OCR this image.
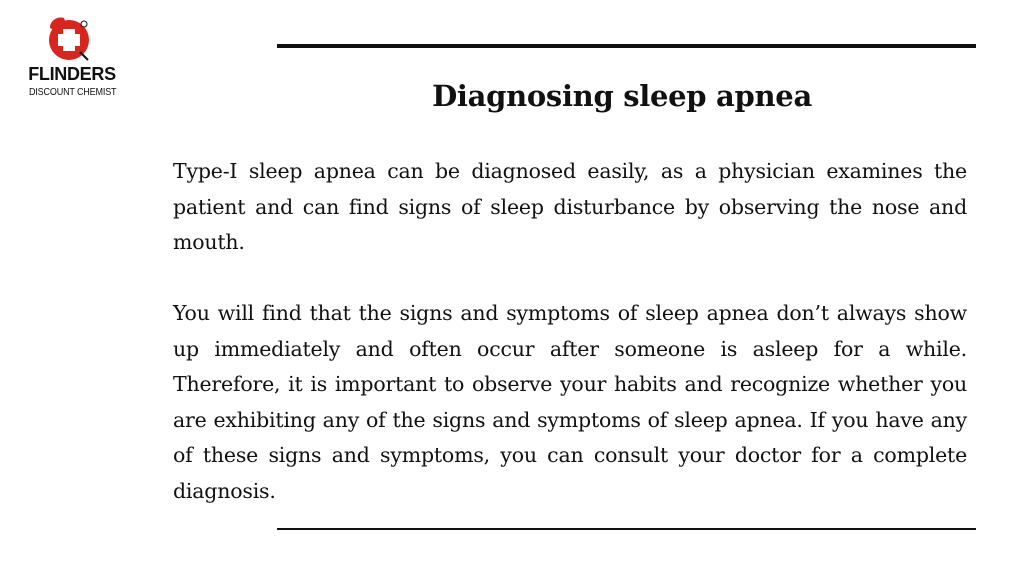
FLINDERS
DISCOUNT CHEMIST	Diagnosing sleep apnea

Type-I sleep apnea can be diagnosed easily, as a physician examines the patient and can find signs of sleep disturbance by observing the nose and mouth.

You will find that the signs and symptoms of sleep apnea don’t always show up immediately and often occur after someone is asleep for a while. Therefore, it is important to observe your habits and recognize whether you are exhibiting any of the signs and symptoms of sleep apnea. If you have any of these signs and symptoms, you can consult your doctor for a complete diagnosis.
